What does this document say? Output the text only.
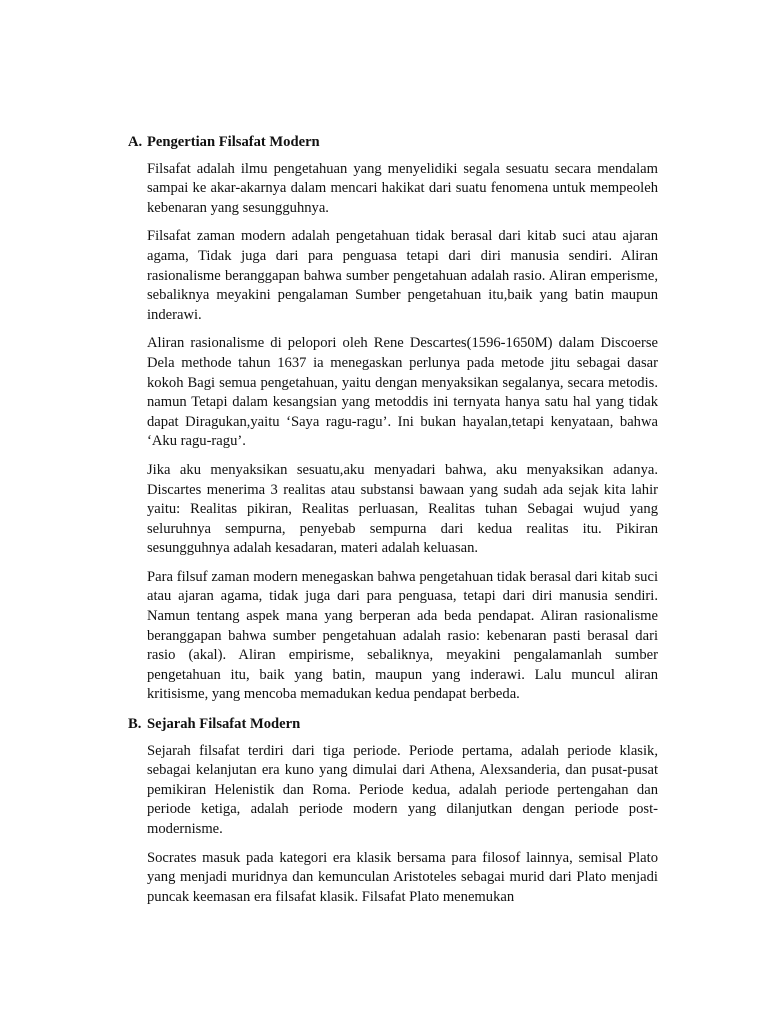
A. Pengertian Filsafat Modern

Filsafat adalah ilmu pengetahuan yang menyelidiki segala sesuatu secara mendalam sampai ke akar-akarnya dalam mencari hakikat dari suatu fenomena untuk mempeoleh kebenaran yang sesungguhnya.

Filsafat zaman modern adalah pengetahuan tidak berasal dari kitab suci atau ajaran agama, Tidak juga dari para penguasa tetapi dari diri manusia sendiri. Aliran rasionalisme beranggapan bahwa sumber pengetahuan adalah rasio. Aliran emperisme, sebaliknya meyakini pengalaman Sumber pengetahuan itu,baik yang batin maupun inderawi.

Aliran rasionalisme di pelopori oleh Rene Descartes(1596-1650M) dalam Discoerse Dela methode tahun 1637 ia menegaskan perlunya pada metode jitu sebagai dasar kokoh Bagi semua pengetahuan, yaitu dengan menyaksikan segalanya, secara metodis. namun Tetapi dalam kesangsian yang metoddis ini ternyata hanya satu hal yang tidak dapat Diragukan,yaitu ‘Saya ragu-ragu’. Ini bukan hayalan,tetapi kenyataan, bahwa ‘Aku ragu-ragu’.

Jika aku menyaksikan sesuatu,aku menyadari bahwa, aku menyaksikan adanya. Discartes menerima 3 realitas atau substansi bawaan yang sudah ada sejak kita lahir yaitu: Realitas pikiran, Realitas perluasan, Realitas tuhan Sebagai wujud yang seluruhnya sempurna, penyebab sempurna dari kedua realitas itu. Pikiran sesungguhnya adalah kesadaran, materi adalah keluasan.

Para filsuf zaman modern menegaskan bahwa pengetahuan tidak berasal dari kitab suci atau ajaran agama, tidak juga dari para penguasa, tetapi dari diri manusia sendiri. Namun tentang aspek mana yang berperan ada beda pendapat. Aliran rasionalisme beranggapan bahwa sumber pengetahuan adalah rasio: kebenaran pasti berasal dari rasio (akal). Aliran empirisme, sebaliknya, meyakini pengalamanlah sumber pengetahuan itu, baik yang batin, maupun yang inderawi. Lalu muncul aliran kritisisme, yang mencoba memadukan kedua pendapat berbeda.

B. Sejarah Filsafat Modern

Sejarah filsafat terdiri dari tiga periode. Periode pertama, adalah periode klasik, sebagai kelanjutan era kuno yang dimulai dari Athena, Alexsanderia, dan pusat-pusat pemikiran Helenistik dan Roma. Periode kedua, adalah periode pertengahan dan periode ketiga, adalah periode modern yang dilanjutkan dengan periode post-modernisme.

Socrates masuk pada kategori era klasik bersama para filosof lainnya, semisal Plato yang menjadi muridnya dan kemunculan Aristoteles sebagai murid dari Plato menjadi puncak keemasan era filsafat klasik. Filsafat Plato menemukan
